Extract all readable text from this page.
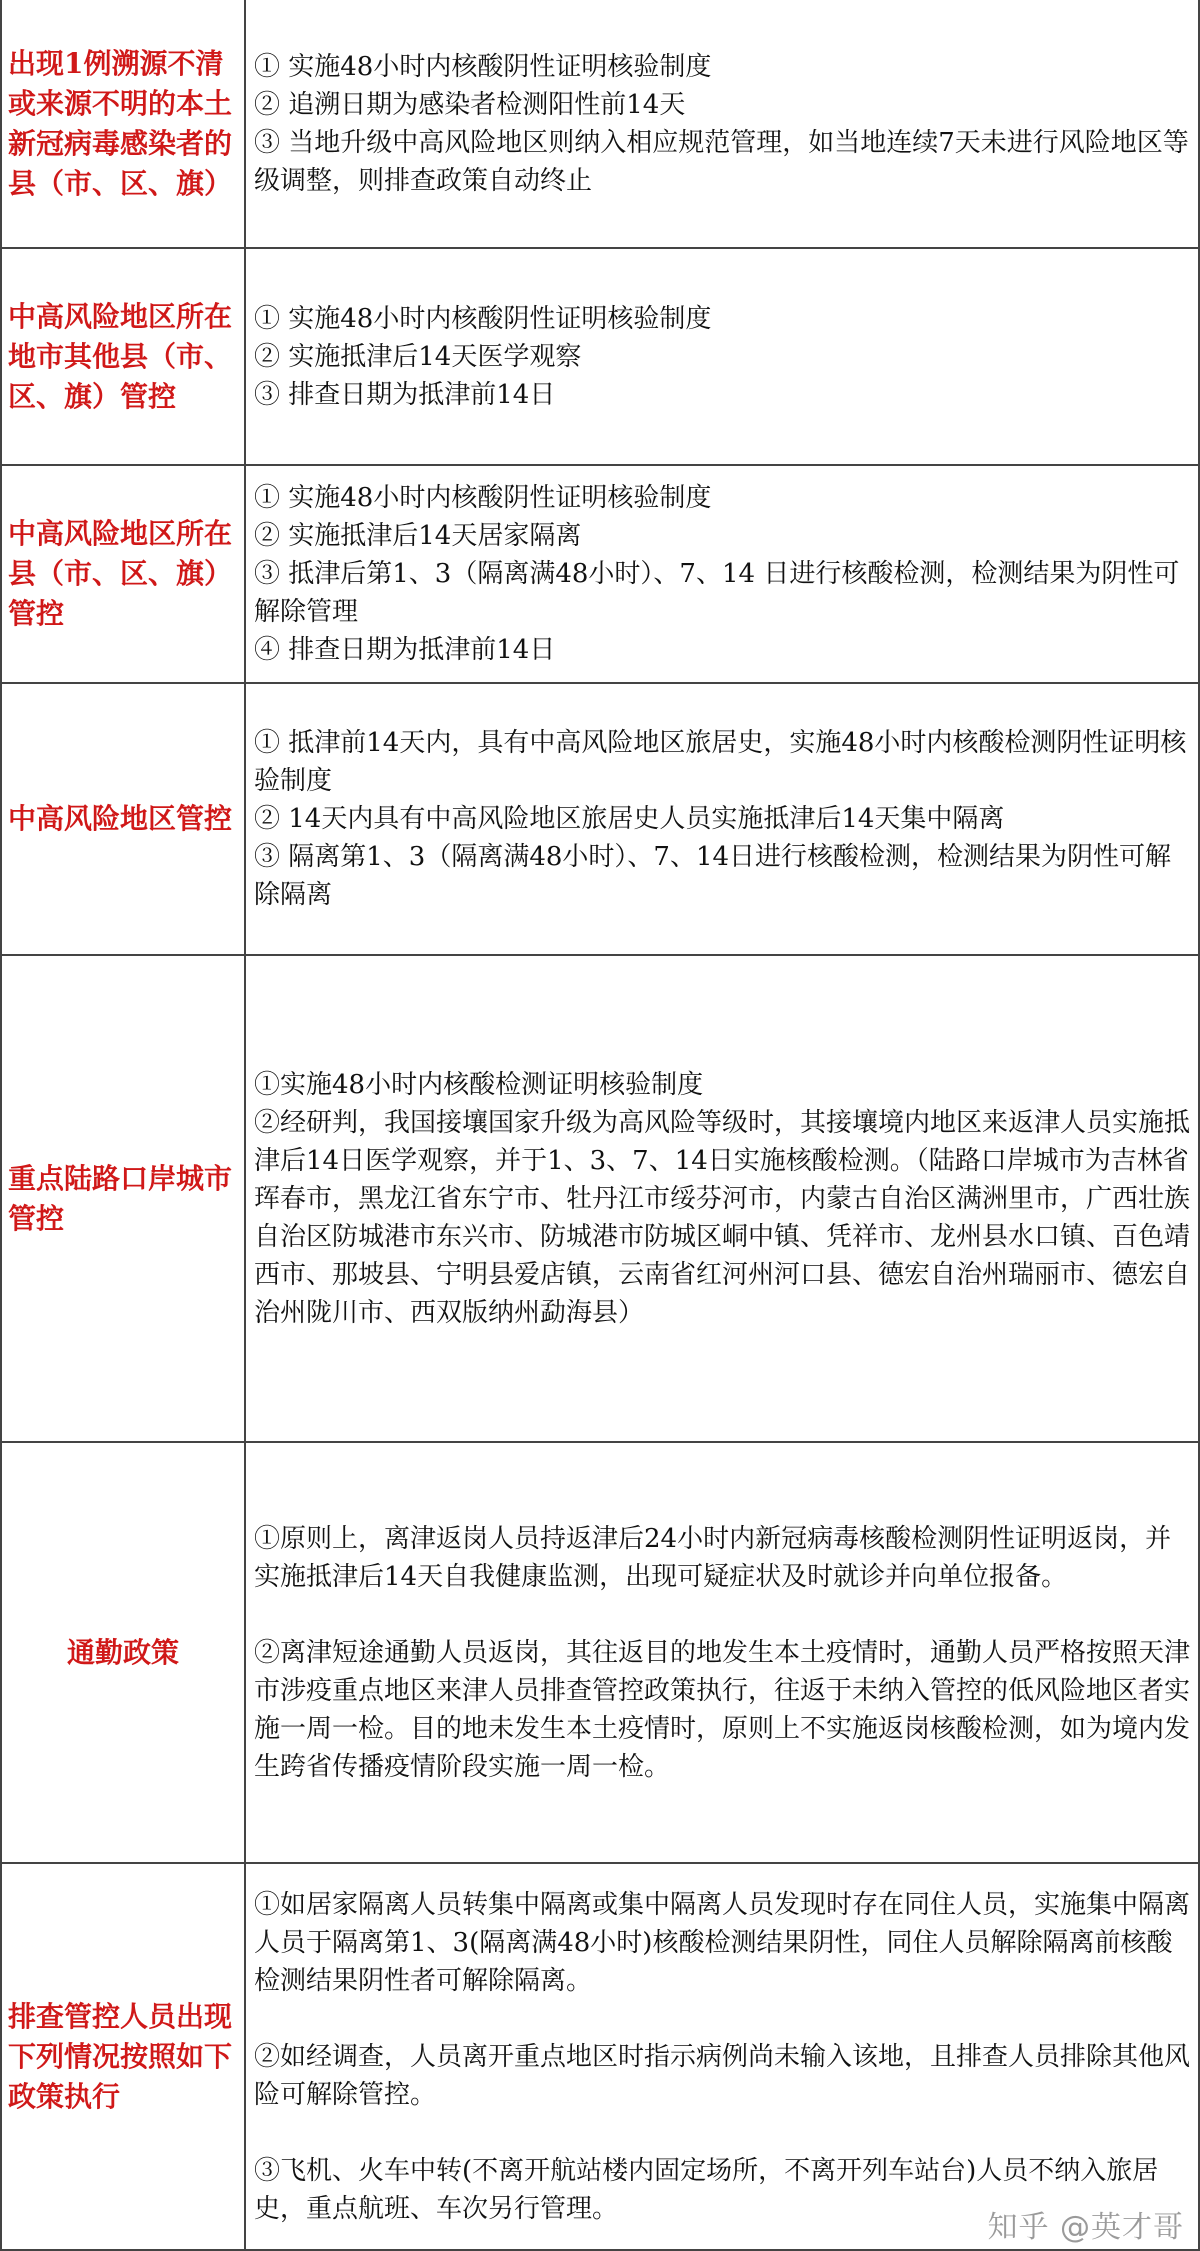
出现1例溯源不清或来源不明的本土新冠病毒感染者的县（市、区、旗）	① 实施48小时内核酸阴性证明核验制度
② 追溯日期为感染者检测阳性前14天
③ 当地升级中高风险地区则纳入相应规范管理，如当地连续7天未进行风险地区等级调整，则排查政策自动终止

中高风险地区所在地市其他县（市、区、旗）管控	① 实施48小时内核酸阴性证明核验制度
② 实施抵津后14天医学观察
③ 排查日期为抵津前14日

中高风险地区所在县（市、区、旗）管控	① 实施48小时内核酸阴性证明核验制度
② 实施抵津后14天居家隔离
③ 抵津后第1、3（隔离满48小时）、7、14 日进行核酸检测，检测结果为阴性可解除管理
④ 排查日期为抵津前14日

中高风险地区管控	① 抵津前14天内，具有中高风险地区旅居史，实施48小时内核酸检测阴性证明核验制度
② 14天内具有中高风险地区旅居史人员实施抵津后14天集中隔离
③ 隔离第1、3（隔离满48小时）、7、14日进行核酸检测，检测结果为阴性可解除隔离

重点陆路口岸城市管控	①实施48小时内核酸检测证明核验制度
②经研判，我国接壤国家升级为高风险等级时，其接壤境内地区来返津人员实施抵津后14日医学观察，并于1、3、7、14日实施核酸检测。（陆路口岸城市为吉林省珲春市，黑龙江省东宁市、牡丹江市绥芬河市，内蒙古自治区满洲里市，广西壮族自治区防城港市东兴市、防城港市防城区峒中镇、凭祥市、龙州县水口镇、百色靖西市、那坡县、宁明县爱店镇，云南省红河州河口县、德宏自治州瑞丽市、德宏自治州陇川市、西双版纳州勐海县）

通勤政策	①原则上，离津返岗人员持返津后24小时内新冠病毒核酸检测阴性证明返岗，并实施抵津后14天自我健康监测，出现可疑症状及时就诊并向单位报备。
②离津短途通勤人员返岗，其往返目的地发生本土疫情时，通勤人员严格按照天津市涉疫重点地区来津人员排查管控政策执行，往返于未纳入管控的低风险地区者实施一周一检。目的地未发生本土疫情时，原则上不实施返岗核酸检测，如为境内发生跨省传播疫情阶段实施一周一检。

排查管控人员出现下列情况按照如下政策执行	①如居家隔离人员转集中隔离或集中隔离人员发现时存在同住人员，实施集中隔离人员于隔离第1、3(隔离满48小时)核酸检测结果阴性，同住人员解除隔离前核酸检测结果阴性者可解除隔离。
②如经调查，人员离开重点地区时指示病例尚未输入该地，且排查人员排除其他风险可解除管控。
③飞机、火车中转(不离开航站楼内固定场所，不离开列车站台)人员不纳入旅居史，重点航班、车次另行管理。
知乎 @英才哥
